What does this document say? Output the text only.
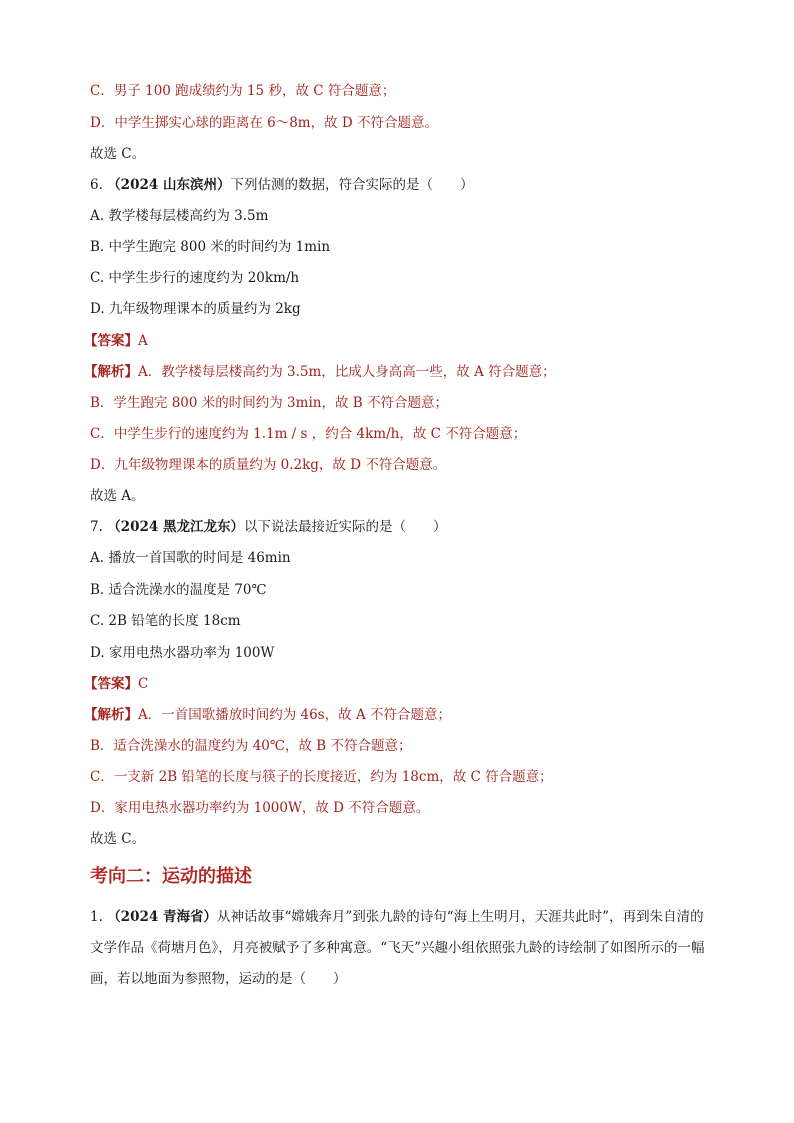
C．男子 100 跑成绩约为 15 秒，故 C 符合题意；
D．中学生掷实心球的距离在 6～8m，故 D 不符合题意。
故选 C。
6. （2024 山东滨州）下列估测的数据，符合实际的是（　　）
A. 教学楼每层楼高约为 3.5m
B. 中学生跑完 800 米的时间约为 1min
C. 中学生步行的速度约为 20km/h
D. 九年级物理课本的质量约为 2kg
【答案】A
【解析】A．教学楼每层楼高约为 3.5m，比成人身高高一些，故 A 符合题意；
B．学生跑完 800 米的时间约为 3min，故 B 不符合题意；
C．中学生步行的速度约为 1.1m / s ，约合 4km/h，故 C 不符合题意；
D．九年级物理课本的质量约为 0.2kg，故 D 不符合题意。
故选 A。
7. （2024 黑龙江龙东）以下说法最接近实际的是（　　）
A. 播放一首国歌的时间是 46min
B. 适合洗澡水的温度是 70℃
C. 2B 铅笔的长度 18cm
D. 家用电热水器功率为 100W
【答案】C
【解析】A．一首国歌播放时间约为 46s，故 A 不符合题意；
B．适合洗澡水的温度约为 40℃，故 B 不符合题意；
C．一支新 2B 铅笔的长度与筷子的长度接近，约为 18cm，故 C 符合题意；
D．家用电热水器功率约为 1000W，故 D 不符合题意。
故选 C。
考向二：运动的描述
1. （2024 青海省）从神话故事“嫦娥奔月”到张九龄的诗句“海上生明月，天涯共此时”，再到朱自清的文学作品《荷塘月色》，月亮被赋予了多种寓意。“飞天”兴趣小组依照张九龄的诗绘制了如图所示的一幅画，若以地面为参照物，运动的是（　　）
